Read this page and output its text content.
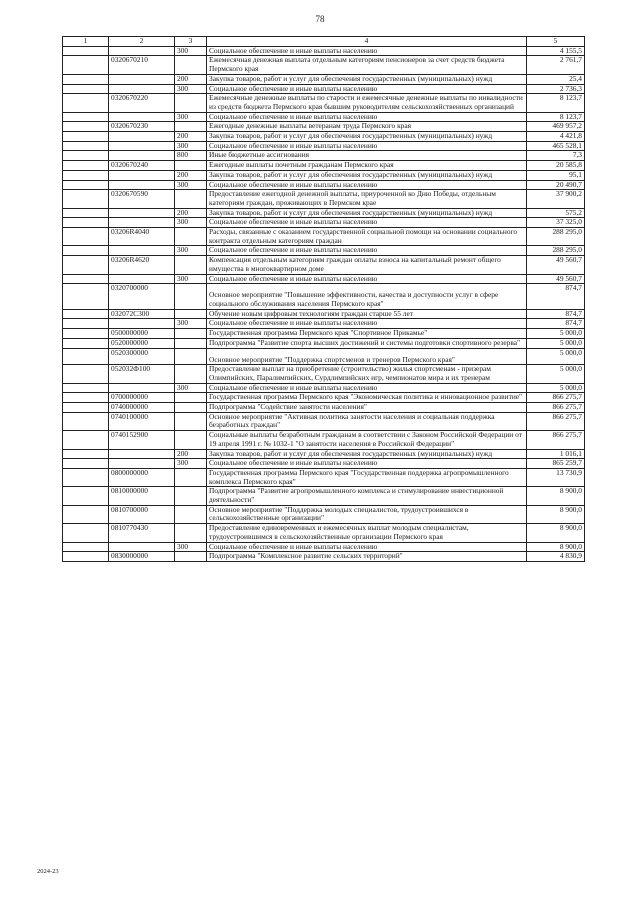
78
1	2	3	4	5
		300	Социальное обеспечение и иные выплаты населению	4 155,5
	0320670210		Ежемесячная денежная выплата отдельным категориям пенсионеров за счет средств бюджета Пермского края	2 761,7
		200	Закупка товаров, работ и услуг для обеспечения государственных (муниципальных) нужд	25,4
		300	Социальное обеспечение и иные выплаты населению	2 736,3
	0320670220		Ежемесячные денежные выплаты по старости и ежемесячные денежные выплаты по инвалидности из средств бюджета Пермского края бывшим руководителям сельскохозяйственных организаций	8 123,7
		300	Социальное обеспечение и иные выплаты населению	8 123,7
	0320670230		Ежегодные денежные выплаты ветеранам труда Пермского края	469 957,2
		200	Закупка товаров, работ и услуг для обеспечения государственных (муниципальных) нужд	4 421,8
		300	Социальное обеспечение и иные выплаты населению	465 528,1
		800	Иные бюджетные ассигнования	7,3
	0320670240		Ежегодные выплаты почетным гражданам Пермского края	20 585,8
		200	Закупка товаров, работ и услуг для обеспечения государственных (муниципальных) нужд	95,1
		300	Социальное обеспечение и иные выплаты населению	20 490,7
	0320670590		Предоставление ежегодной денежной выплаты, приуроченной ко Дню Победы, отдельным категориям граждан, проживающих в Пермском крае	37 900,2
		200	Закупка товаров, работ и услуг для обеспечения государственных (муниципальных) нужд	575,2
		300	Социальное обеспечение и иные выплаты населению	37 325,0
	03206R4040		Расходы, связанные с оказанием государственной социальной помощи на основании социального контракта отдельным категориям граждан	288 295,0
		300	Социальное обеспечение и иные выплаты населению	288 295,0
	03206R4620		Компенсация отдельным категориям граждан оплаты взноса на капитальный ремонт общего имущества в многоквартирном доме	49 560,7
		300	Социальное обеспечение и иные выплаты населению	49 560,7
	0320700000		Основное мероприятие "Повышение эффективности, качества и доступности услуг в сфере социального обслуживания населения Пермского края"	874,7
	032072C300		Обучение новым цифровым технологиям граждан старше 55 лет	874,7
		300	Социальное обеспечение и иные выплаты населению	874,7
	0500000000		Государственная программа Пермского края "Спортивное Прикамье"	5 000,0
	0520000000		Подпрограмма "Развитие спорта высших достижений и системы подготовки спортивного резерва"	5 000,0
	0520300000		Основное мероприятие "Поддержка спортсменов и тренеров Пермского края"	5 000,0
	052032Ф100		Предоставление выплат на приобретение (строительство) жилья спортсменам - призерам Олимпийских, Паралимпийских, Сурдлимпийских игр, чемпионатов мира и их тренерам	5 000,0
		300	Социальное обеспечение и иные выплаты населению	5 000,0
	0700000000		Государственная программа Пермского края "Экономическая политика и инновационное развитие"	866 275,7
	0740000000		Подпрограмма "Содействие занятости населения"	866 275,7
	0740100000		Основное мероприятие "Активная политика занятости населения и социальная поддержка безработных граждан"	866 275,7
	0740152900		Социальные выплаты безработным гражданам в соответствии с Законом Российской Федерации от 19 апреля 1991 г. № 1032-1 "О занятости населения в Российской Федерации"	866 275,7
		200	Закупка товаров, работ и услуг для обеспечения государственных (муниципальных) нужд	1 016,1
		300	Социальное обеспечение и иные выплаты населению	865 259,7
	0800000000		Государственная программа Пермского края "Государственная поддержка агропромышленного комплекса Пермского края"	13 730,9
	0810000000		Подпрограмма "Развитие агропромышленного комплекса и стимулирование инвестиционной деятельности"	8 900,0
	0810700000		Основное мероприятие "Поддержка молодых специалистов, трудоустроившихся в сельскохозяйственные организации"	8 900,0
	0810770430		Предоставление единовременных и ежемесячных выплат молодым специалистам, трудоустроившимся в сельскохозяйственные организации Пермского края	8 900,0
		300	Социальное обеспечение и иные выплаты населению	8 900,0
	0830000000		Подпрограмма "Комплексное развитие сельских территорий"	4 830,9
2024-23
